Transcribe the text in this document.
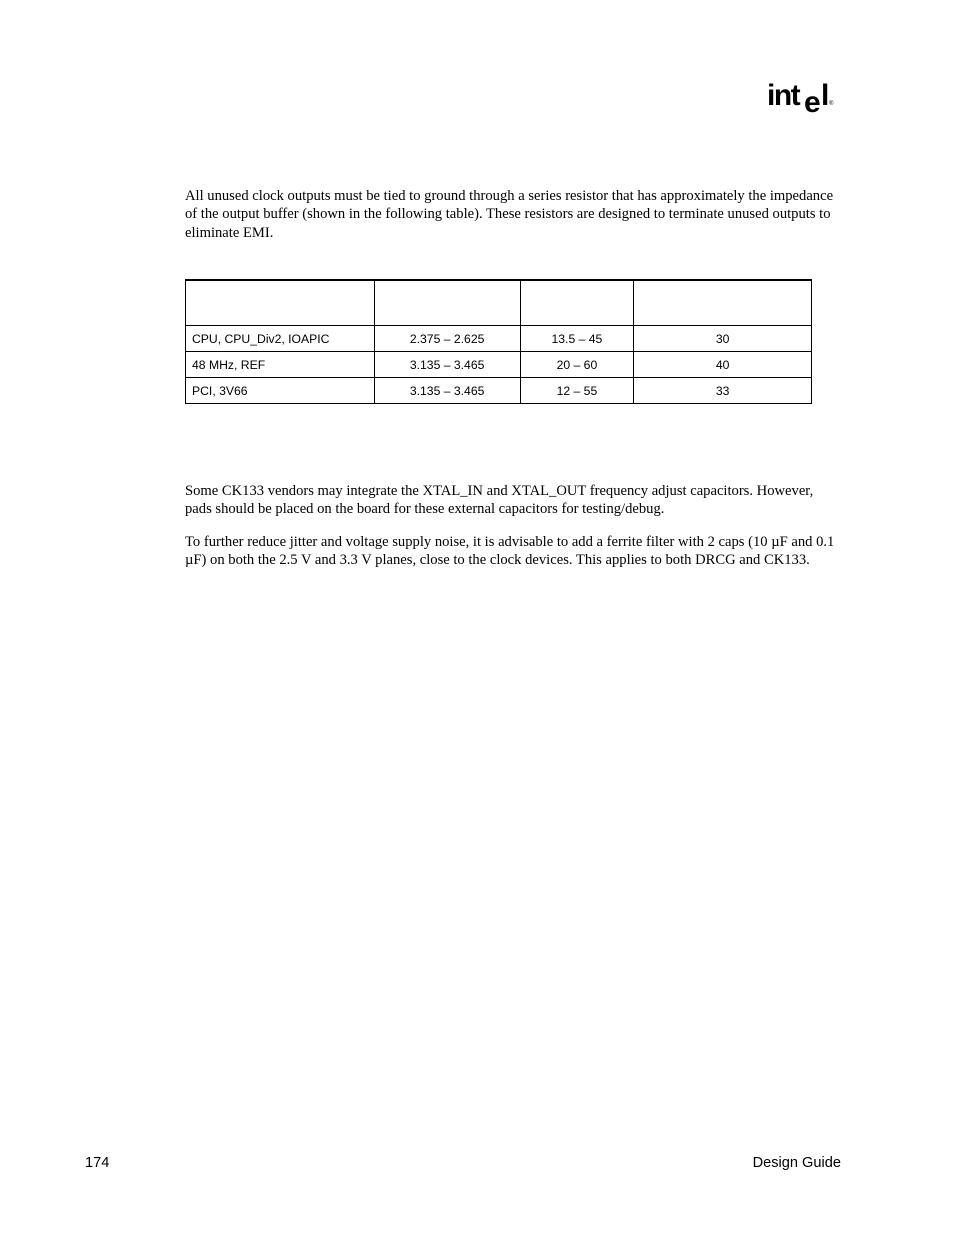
int e l ®

All unused clock outputs must be tied to ground through a series resistor that has approximately the impedance of the output buffer (shown in the following table). These resistors are designed to terminate unused outputs to eliminate EMI.

CPU, CPU_Div2, IOAPIC	2.375 – 2.625	13.5 – 45	30
48 MHz, REF	3.135 – 3.465	20 – 60	40
PCI, 3V66	3.135 – 3.465	12 – 55	33

Some CK133 vendors may integrate the XTAL_IN and XTAL_OUT frequency adjust capacitors. However, pads should be placed on the board for these external capacitors for testing/debug.

To further reduce jitter and voltage supply noise, it is advisable to add a ferrite filter with 2 caps (10 µF and 0.1 µF) on both the 2.5 V and 3.3 V planes, close to the clock devices. This applies to both DRCG and CK133.

174	Design Guide
